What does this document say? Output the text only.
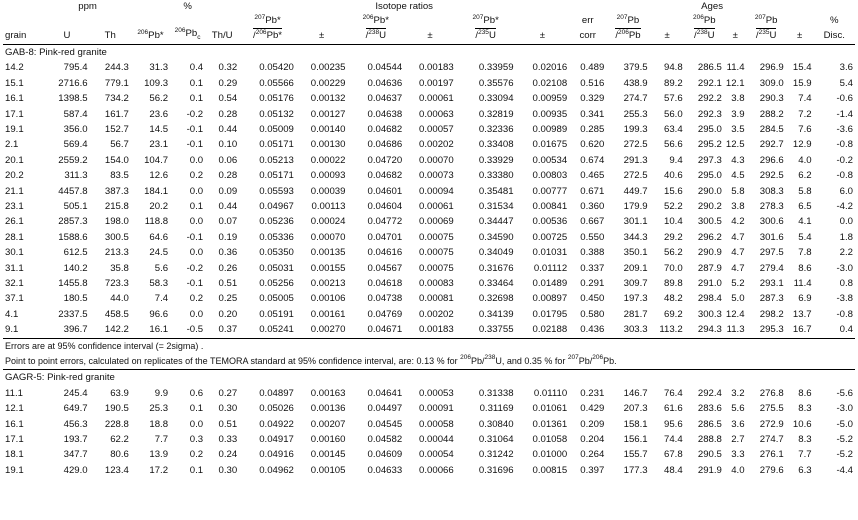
	ppm			%		Isotope ratios						Ages							
						$^{207}$Pb*		$^{206}$Pb*		$^{207}$Pb*		err	$^{207}$Pb		$^{206}$Pb		$^{207}$Pb		%
grain	U	Th	$^{206}$Pb*	$^{206}Pb_c$	Th/U	/$^{206}$Pb*	±	/$^{238}$U	±	/$^{235}$U	±	corr	/$^{206}$Pb	±	/$^{238}$U	±	/$^{235}$U	±	Disc.
GAB-8: Pink-red granite																			
14.2	795.4	244.3	31.3	0.4	0.32	0.05420	0.00235	0.04544	0.00183	0.33959	0.02016	0.489	379.5	94.8	286.5	11.4	296.9	15.4	3.6
15.1	2716.6	779.1	109.3	0.1	0.29	0.05566	0.00229	0.04636	0.00197	0.35576	0.02108	0.516	438.9	89.2	292.1	12.1	309.0	15.9	5.4
16.1	1398.5	734.2	56.2	0.1	0.54	0.05176	0.00132	0.04637	0.00061	0.33094	0.00959	0.329	274.7	57.6	292.2	3.8	290.3	7.4	-0.6
17.1	587.4	161.7	23.6	-0.2	0.28	0.05132	0.00127	0.04638	0.00063	0.32819	0.00935	0.341	255.3	56.0	292.3	3.9	288.2	7.2	-1.4
19.1	356.0	152.7	14.5	-0.1	0.44	0.05009	0.00140	0.04682	0.00057	0.32336	0.00989	0.285	199.3	63.4	295.0	3.5	284.5	7.6	-3.6
2.1	569.4	56.7	23.1	-0.1	0.10	0.05171	0.00130	0.04686	0.00202	0.33408	0.01675	0.620	272.5	56.6	295.2	12.5	292.7	12.9	-0.8
20.1	2559.2	154.0	104.7	0.0	0.06	0.05213	0.00022	0.04720	0.00070	0.33929	0.00534	0.674	291.3	9.4	297.3	4.3	296.6	4.0	-0.2
20.2	311.3	83.5	12.6	0.2	0.28	0.05171	0.00093	0.04682	0.00073	0.33380	0.00803	0.465	272.5	40.6	295.0	4.5	292.5	6.2	-0.8
21.1	4457.8	387.3	184.1	0.0	0.09	0.05593	0.00039	0.04601	0.00094	0.35481	0.00777	0.671	449.7	15.6	290.0	5.8	308.3	5.8	6.0
23.1	505.1	215.8	20.2	0.1	0.44	0.04967	0.00113	0.04604	0.00061	0.31534	0.00841	0.360	179.9	52.2	290.2	3.8	278.3	6.5	-4.2
26.1	2857.3	198.0	118.8	0.0	0.07	0.05236	0.00024	0.04772	0.00069	0.34447	0.00536	0.667	301.1	10.4	300.5	4.2	300.6	4.1	0.0
28.1	1588.6	300.5	64.6	-0.1	0.19	0.05336	0.00070	0.04701	0.00075	0.34590	0.00725	0.550	344.3	29.2	296.2	4.7	301.6	5.4	1.8
30.1	612.5	213.3	24.5	0.0	0.36	0.05350	0.00135	0.04616	0.00075	0.34049	0.01031	0.388	350.1	56.2	290.9	4.7	297.5	7.8	2.2
31.1	140.2	35.8	5.6	-0.2	0.26	0.05031	0.00155	0.04567	0.00075	0.31676	0.01112	0.337	209.1	70.0	287.9	4.7	279.4	8.6	-3.0
32.1	1455.8	723.3	58.3	-0.1	0.51	0.05256	0.00213	0.04618	0.00083	0.33464	0.01489	0.291	309.7	89.8	291.0	5.2	293.1	11.4	0.8
37.1	180.5	44.0	7.4	0.2	0.25	0.05005	0.00106	0.04738	0.00081	0.32698	0.00897	0.450	197.3	48.2	298.4	5.0	287.3	6.9	-3.8
4.1	2337.5	458.5	96.6	0.0	0.20	0.05191	0.00161	0.04769	0.00202	0.34139	0.01795	0.580	281.7	69.2	300.3	12.4	298.2	13.7	-0.8
9.1	396.7	142.2	16.1	-0.5	0.37	0.05241	0.00270	0.04671	0.00183	0.33755	0.02188	0.436	303.3	113.2	294.3	11.3	295.3	16.7	0.4
Errors are at 95% confidence interval (= 2sigma) .																			
Point to point errors, calculated on replicates of the TEMORA standard at 95% confidence interval, are: 0.13 % for $^{206}$Pb/$^{238}$U, and 0.35 % for $^{207}$Pb/$^{206}$Pb.																			
GAGR-5: Pink-red granite																			
11.1	245.4	63.9	9.9	0.6	0.27	0.04897	0.00163	0.04641	0.00053	0.31338	0.01110	0.231	146.7	76.4	292.4	3.2	276.8	8.6	-5.6
12.1	649.7	190.5	25.3	0.1	0.30	0.05026	0.00136	0.04497	0.00091	0.31169	0.01061	0.429	207.3	61.6	283.6	5.6	275.5	8.3	-3.0
16.1	456.3	228.8	18.8	0.0	0.51	0.04922	0.00207	0.04545	0.00058	0.30840	0.01361	0.209	158.1	95.6	286.5	3.6	272.9	10.6	-5.0
17.1	193.7	62.2	7.7	0.3	0.33	0.04917	0.00160	0.04582	0.00044	0.31064	0.01058	0.204	156.1	74.4	288.8	2.7	274.7	8.3	-5.2
18.1	347.7	80.6	13.9	0.2	0.24	0.04916	0.00145	0.04609	0.00054	0.31242	0.01000	0.264	155.7	67.8	290.5	3.3	276.1	7.7	-5.2
19.1	429.0	123.4	17.2	0.1	0.30	0.04962	0.00105	0.04633	0.00066	0.31696	0.00815	0.397	177.3	48.4	291.9	4.0	279.6	6.3	-4.4
